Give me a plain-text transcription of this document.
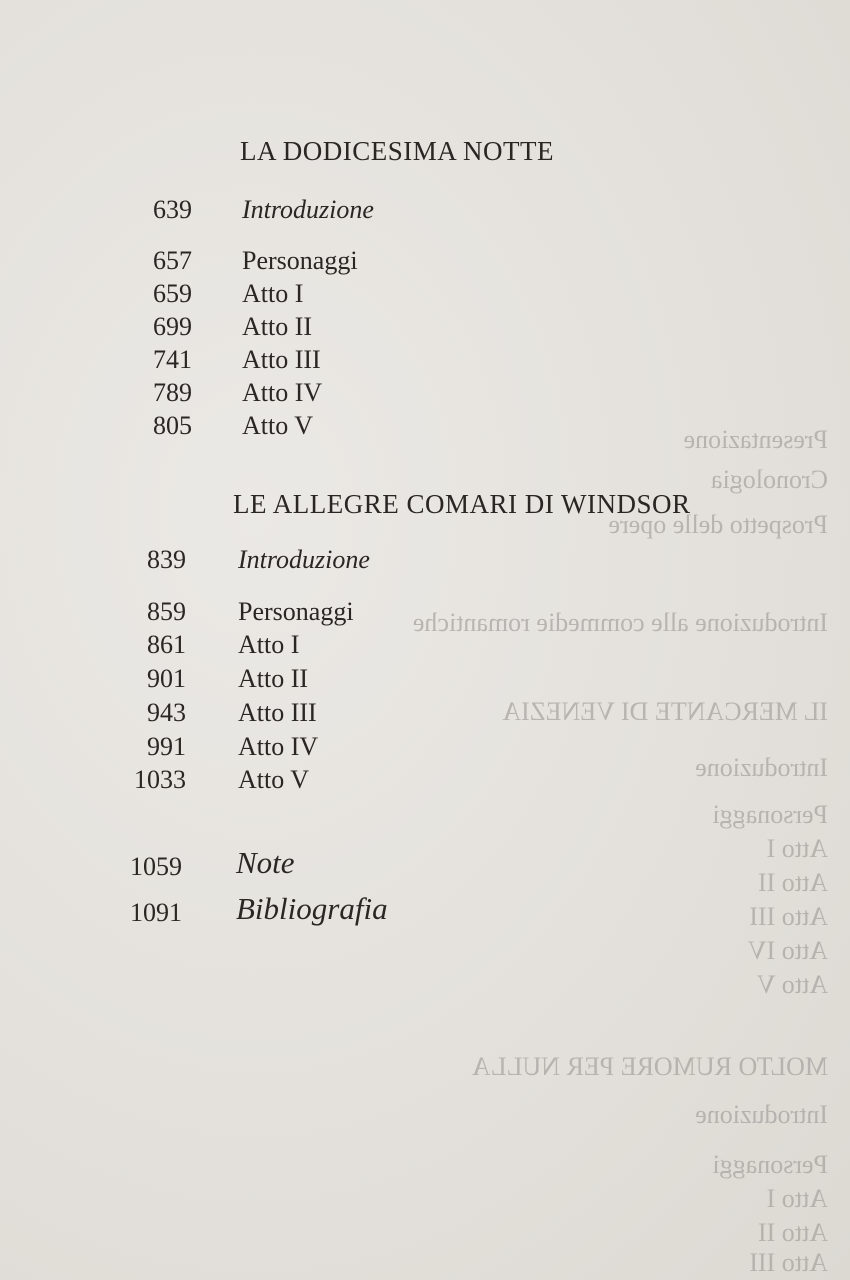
Presentazione
Cronologia
Prospetto delle opere
Introduzione alle commedie romantiche
IL MERCANTE DI VENEZIA
Introduzione
Personaggi
Atto I
Atto II
Atto III
Atto IV
Atto V
MOLTO RUMORE PER NULLA
Introduzione
Personaggi
Atto I
Atto II
Atto III
LA DODICESIMA NOTTE
639 Introduzione
657 Personaggi
659 Atto I
699 Atto II
741 Atto III
789 Atto IV
805 Atto V
LE ALLEGRE COMARI DI WINDSOR
839 Introduzione
859 Personaggi
861 Atto I
901 Atto II
943 Atto III
991 Atto IV
1033 Atto V
1059 Note
1091 Bibliografia
